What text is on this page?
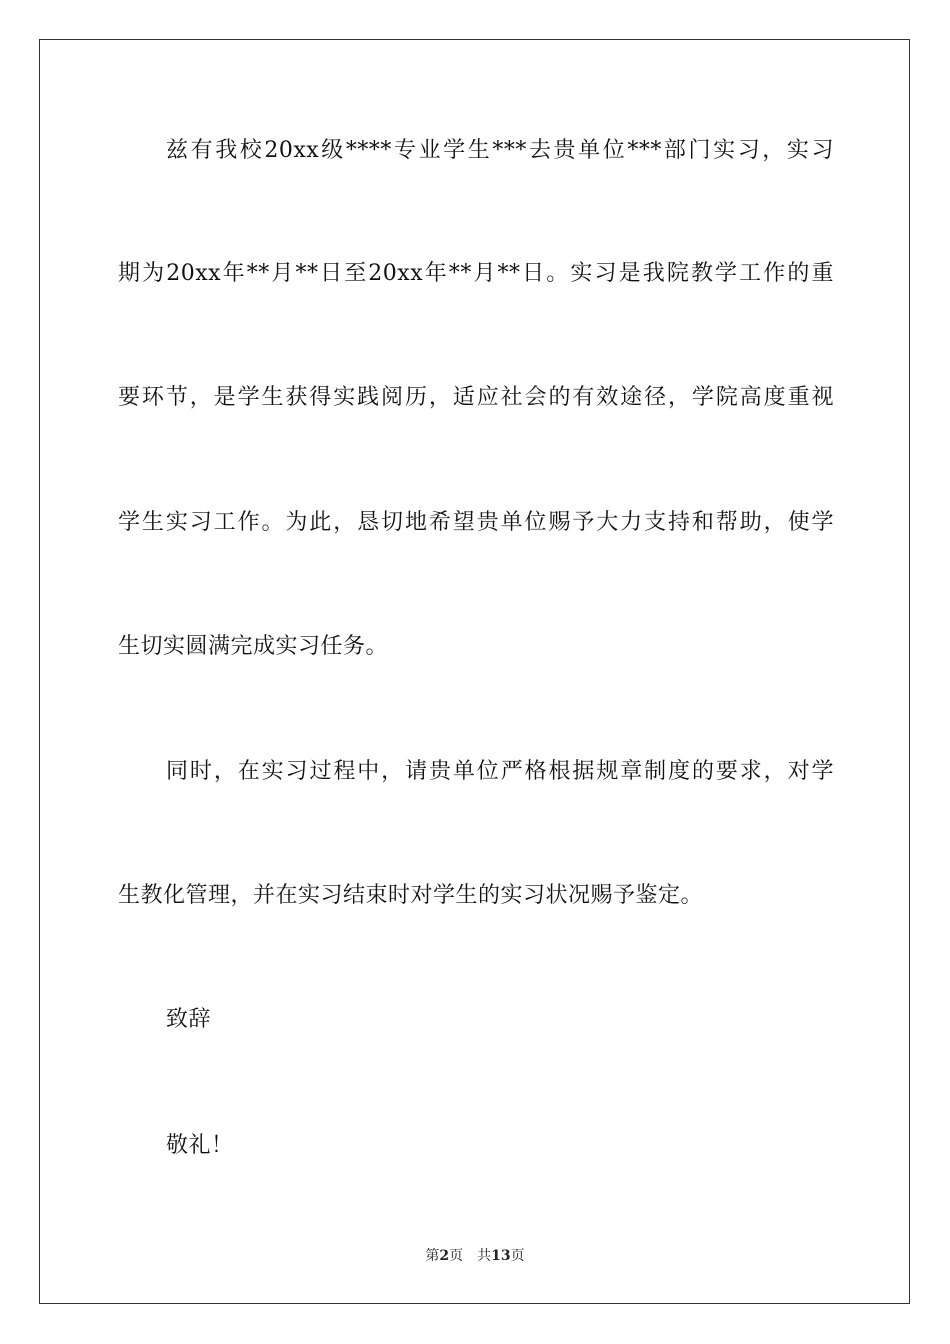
兹有我校20xx级****专业学生***去贵单位***部门实习，实习
期为20xx年**月**日至20xx年**月**日。实习是我院教学工作的重
要环节，是学生获得实践阅历，适应社会的有效途径，学院高度重视
学生实习工作。为此，恳切地希望贵单位赐予大力支持和帮助，使学
生切实圆满完成实习任务。
同时，在实习过程中，请贵单位严格根据规章制度的要求，对学
生教化管理，并在实习结束时对学生的实习状况赐予鉴定。
致辞
敬礼！
第2页 共13页
